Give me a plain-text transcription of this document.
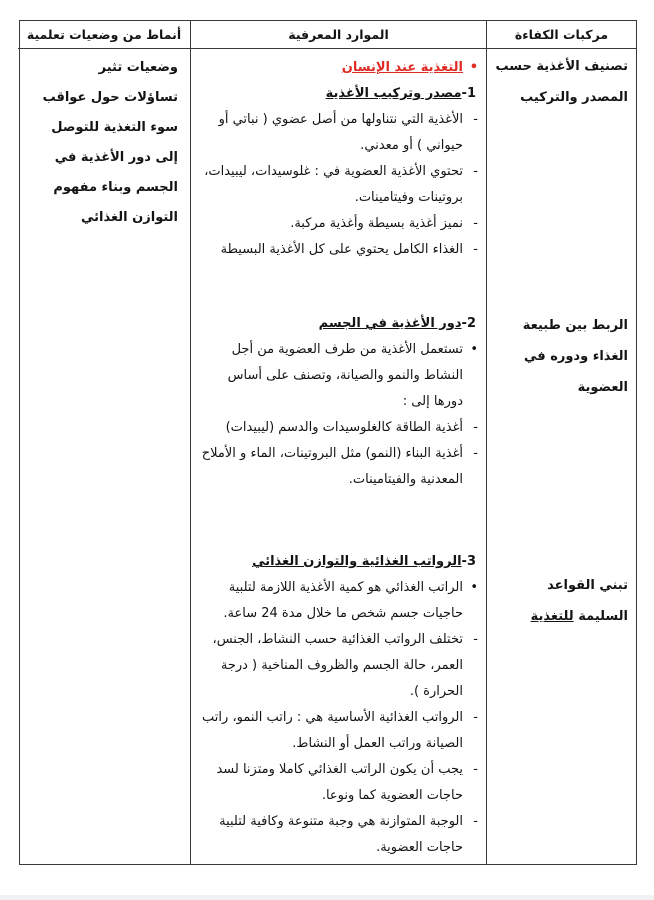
مركبات الكفاءة
الموارد المعرفية
أنماط من وضعيات تعلمية
تصنيف الأغذية حسب المصدر والتركيب
الربط بين طبيعة الغذاء ودوره في العضوية
تبني القواعد السليمة للتغذية
•
التغذية عند الإنسان
1-مصدر وتركيب الأغذية
-
الأغذية التي نتناولها من أصل عضوي ( نباتي أو حيواني ) أو معدني.
-
تحتوي الأغذية العضوية في : غلوسيدات، ليبيدات، بروتينات وفيتامينات.
-
نميز أغذية بسيطة وأغذية مركبة.
-
الغذاء الكامل يحتوي على كل الأغذية البسيطة
2-دور الأغذية في الجسم
•
تستعمل الأغذية من طرف العضوية من أجل النشاط والنمو والصيانة، وتصنف على أساس دورها إلى :
-
أغذية الطاقة كالغلوسيدات والدسم (ليبيدات)
-
أغذية البناء (النمو) مثل البروتينات، الماء و الأملاح المعدنية والفيتامينات.
3-الرواتب الغذائية والتوازن الغذائي
•
الراتب الغذائي هو كمية الأغذية اللازمة لتلبية حاجيات جسم شخص ما خلال مدة 24 ساعة.
-
تختلف الرواتب الغذائية حسب النشاط، الجنس، العمر، حالة الجسم والظروف المناخية ( درجة الحرارة ).
-
الرواتب الغذائية الأساسية هي : راتب النمو، راتب الصيانة وراتب العمل أو النشاط.
-
يجب أن يكون الراتب الغذائي كاملا ومتزنا لسد حاجات العضوية كما ونوعا.
-
الوجبة المتوازنة هي وجبة متنوعة وكافية لتلبية حاجات العضوية.
وضعيات تثير تساؤلات حول عواقب سوء التغذية للتوصل إلى دور الأغذية في الجسم وبناء مفهوم التوازن الغذائي
